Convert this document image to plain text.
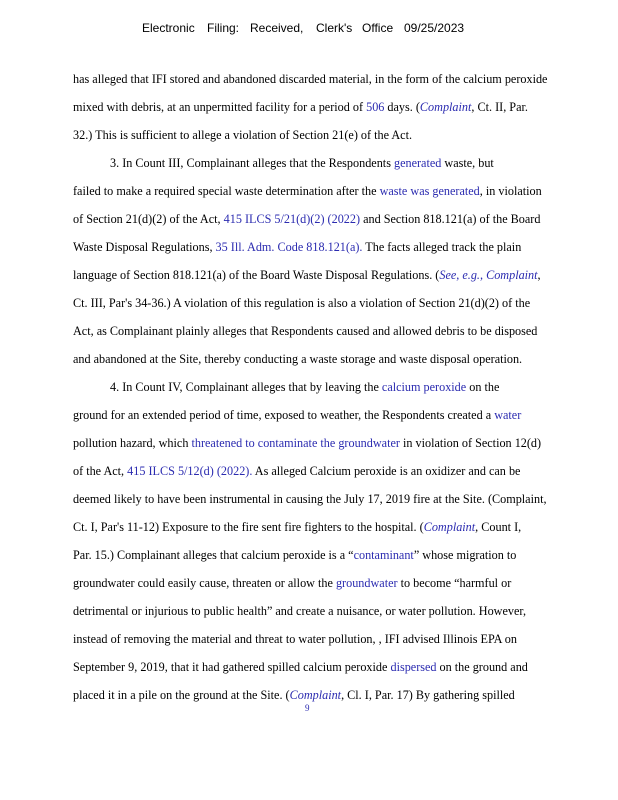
Electronic Filing: Received, Clerk's Office 09/25/2023
has alleged that IFI stored and abandoned discarded material, in the form of the calcium peroxide
mixed with debris, at an unpermitted facility for a period of 506 days. (Complaint, Ct. II, Par.
32.) This is sufficient to allege a violation of Section 21(e) of the Act.
3. In Count III, Complainant alleges that the Respondents generated waste, but
failed to make a required special waste determination after the waste was generated, in violation
of Section 21(d)(2) of the Act, 415 ILCS 5/21(d)(2) (2022) and Section 818.121(a) of the Board
Waste Disposal Regulations, 35 Ill. Adm. Code 818.121(a). The facts alleged track the plain
language of Section 818.121(a) of the Board Waste Disposal Regulations. (See, e.g., Complaint,
Ct. III, Par's 34-36.) A violation of this regulation is also a violation of Section 21(d)(2) of the
Act, as Complainant plainly alleges that Respondents caused and allowed debris to be disposed
and abandoned at the Site, thereby conducting a waste storage and waste disposal operation.
4. In Count IV, Complainant alleges that by leaving the calcium peroxide on the
ground for an extended period of time, exposed to weather, the Respondents created a water
pollution hazard, which threatened to contaminate the groundwater in violation of Section 12(d)
of the Act, 415 ILCS 5/12(d) (2022). As alleged Calcium peroxide is an oxidizer and can be
deemed likely to have been instrumental in causing the July 17, 2019 fire at the Site. (Complaint,
Ct. I, Par's 11-12) Exposure to the fire sent fire fighters to the hospital. (Complaint, Count I,
Par. 15.) Complainant alleges that calcium peroxide is a “contaminant” whose migration to
groundwater could easily cause, threaten or allow the groundwater to become “harmful or
detrimental or injurious to public health” and create a nuisance, or water pollution. However,
instead of removing the material and threat to water pollution, , IFI advised Illinois EPA on
September 9, 2019, that it had gathered spilled calcium peroxide dispersed on the ground and
placed it in a pile on the ground at the Site. (Complaint, Cl. I, Par. 17) By gathering spilled
9
